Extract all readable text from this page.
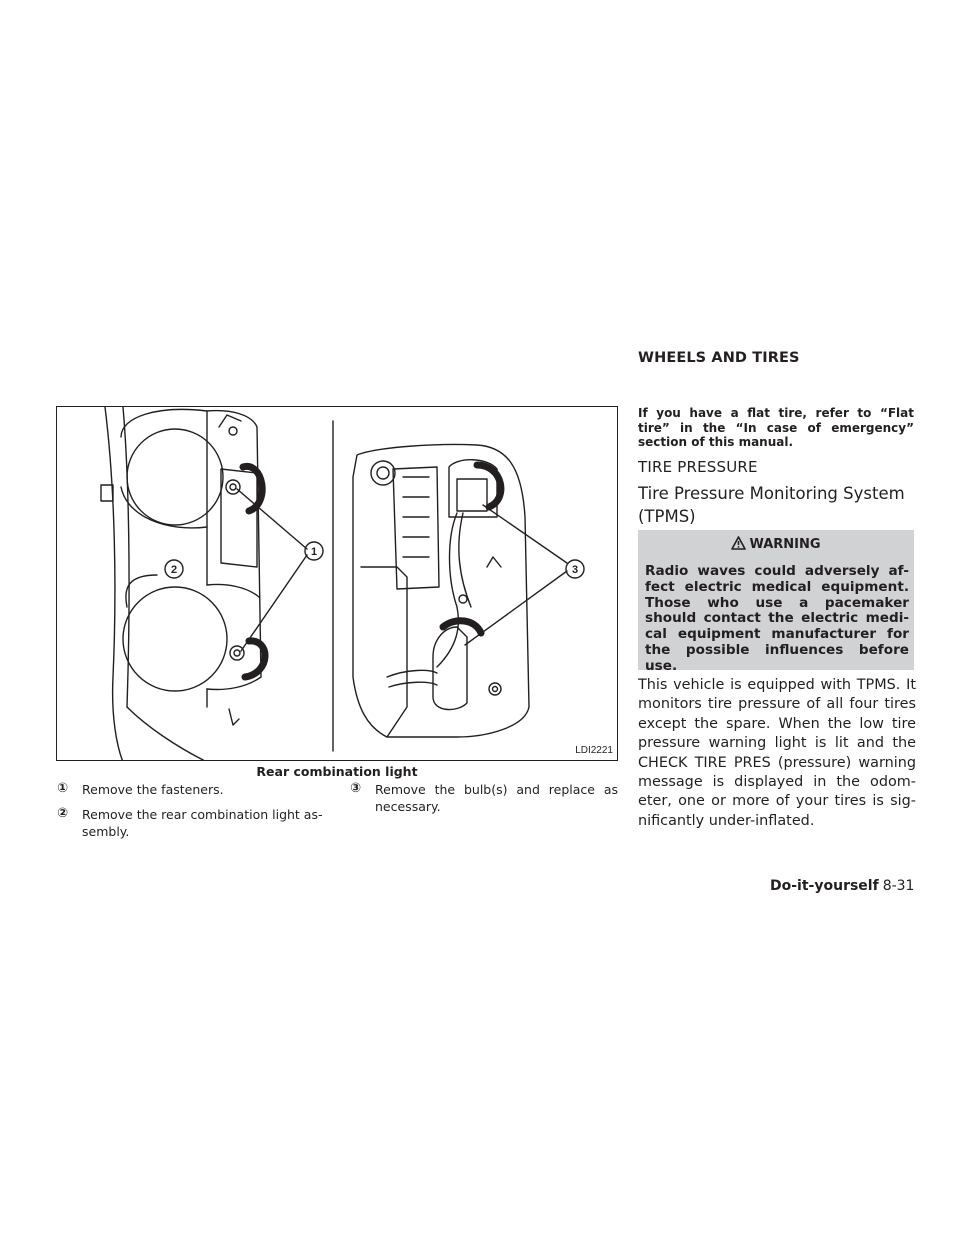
WHEELS AND TIRES
1
2	3
LDI2221
Rear combination light
① Remove the fasteners.
② Remove the rear combination light as-sembly.
③ Remove the bulb(s) and replace as necessary.
If you have a flat tire, refer to “Flat tire” in the “In case of emergency” section of this manual.
TIRE PRESSURE
Tire Pressure Monitoring System (TPMS)
WARNING
Radio waves could adversely af-fect electric medical equipment. Those who use a pacemaker should contact the electric medi-cal equipment manufacturer for the possible influences before use.
This vehicle is equipped with TPMS. It monitors tire pressure of all four tires except the spare. When the low tire pressure warning light is lit and the CHECK TIRE PRES (pressure) warning message is displayed in the odom-eter, one or more of your tires is sig-nificantly under-inflated.
Do-it-yourself 8-31
